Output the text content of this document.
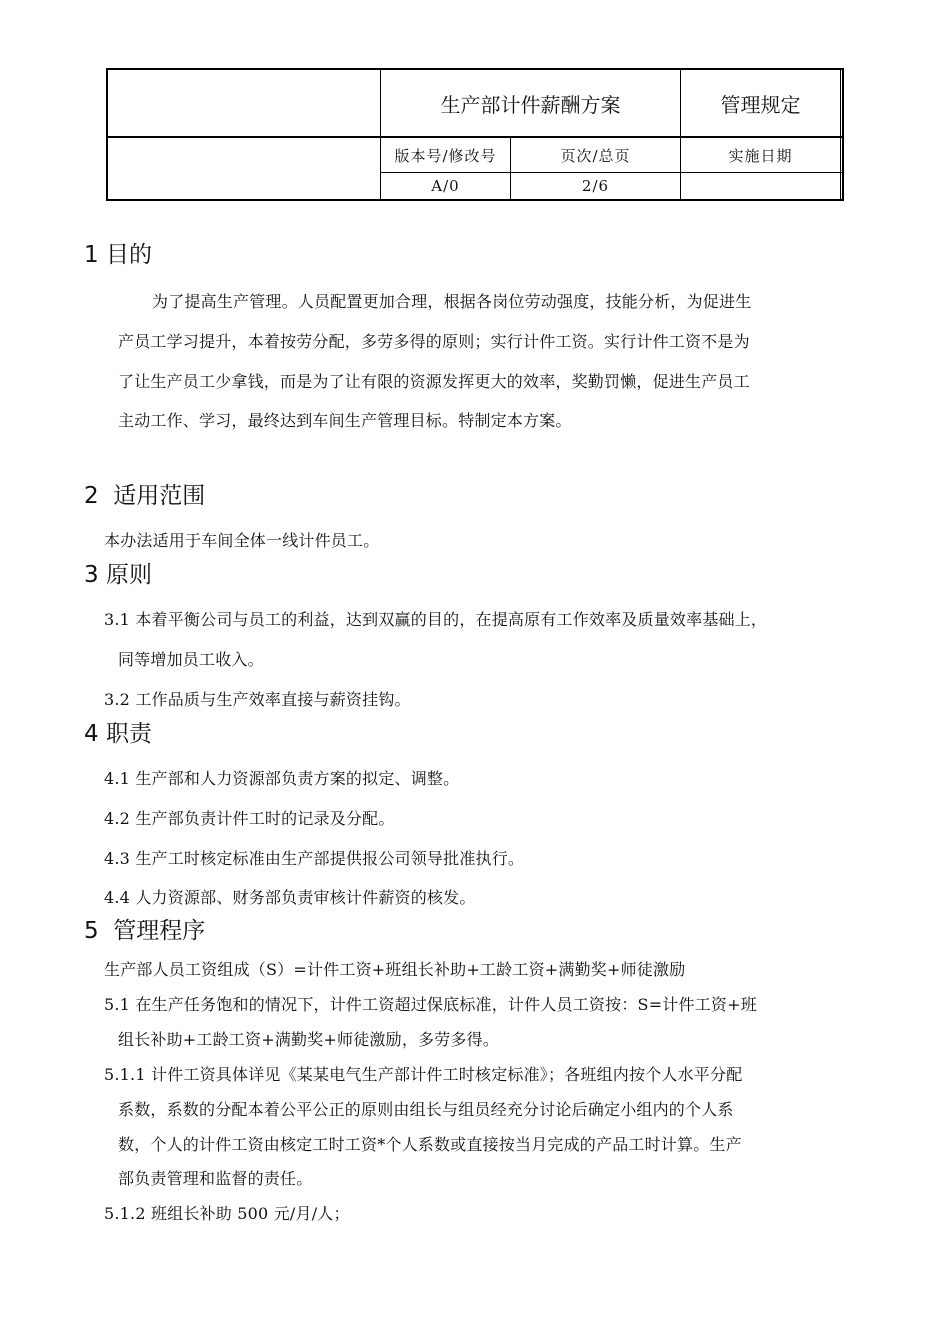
生产部计件薪酬方案	管理规定
版本号/修改号	页次/总页	实施日期
A/0	2/6
1 目的
为了提高生产管理。人员配置更加合理，根据各岗位劳动强度，技能分析，为促进生
产员工学习提升，本着按劳分配，多劳多得的原则；实行计件工资。实行计件工资不是为
了让生产员工少拿钱，而是为了让有限的资源发挥更大的效率，奖勤罚懒，促进生产员工
主动工作、学习，最终达到车间生产管理目标。特制定本方案。
2  适用范围
本办法适用于车间全体一线计件员工。
3 原则
3.1 本着平衡公司与员工的利益，达到双赢的目的，在提高原有工作效率及质量效率基础上，
同等增加员工收入。
3.2 工作品质与生产效率直接与薪资挂钩。
4 职责
4.1 生产部和人力资源部负责方案的拟定、调整。
4.2 生产部负责计件工时的记录及分配。
4.3 生产工时核定标准由生产部提供报公司领导批准执行。
4.4 人力资源部、财务部负责审核计件薪资的核发。
5  管理程序
生产部人员工资组成（S）=计件工资+班组长补助+工龄工资+满勤奖+师徒激励
5.1 在生产任务饱和的情况下，计件工资超过保底标准，计件人员工资按：S=计件工资+班
组长补助+工龄工资+满勤奖+师徒激励，多劳多得。
5.1.1 计件工资具体详见《某某电气生产部计件工时核定标准》；各班组内按个人水平分配
系数，系数的分配本着公平公正的原则由组长与组员经充分讨论后确定小组内的个人系
数，个人的计件工资由核定工时工资*个人系数或直接按当月完成的产品工时计算。生产
部负责管理和监督的责任。
5.1.2 班组长补助 500 元/月/人；
